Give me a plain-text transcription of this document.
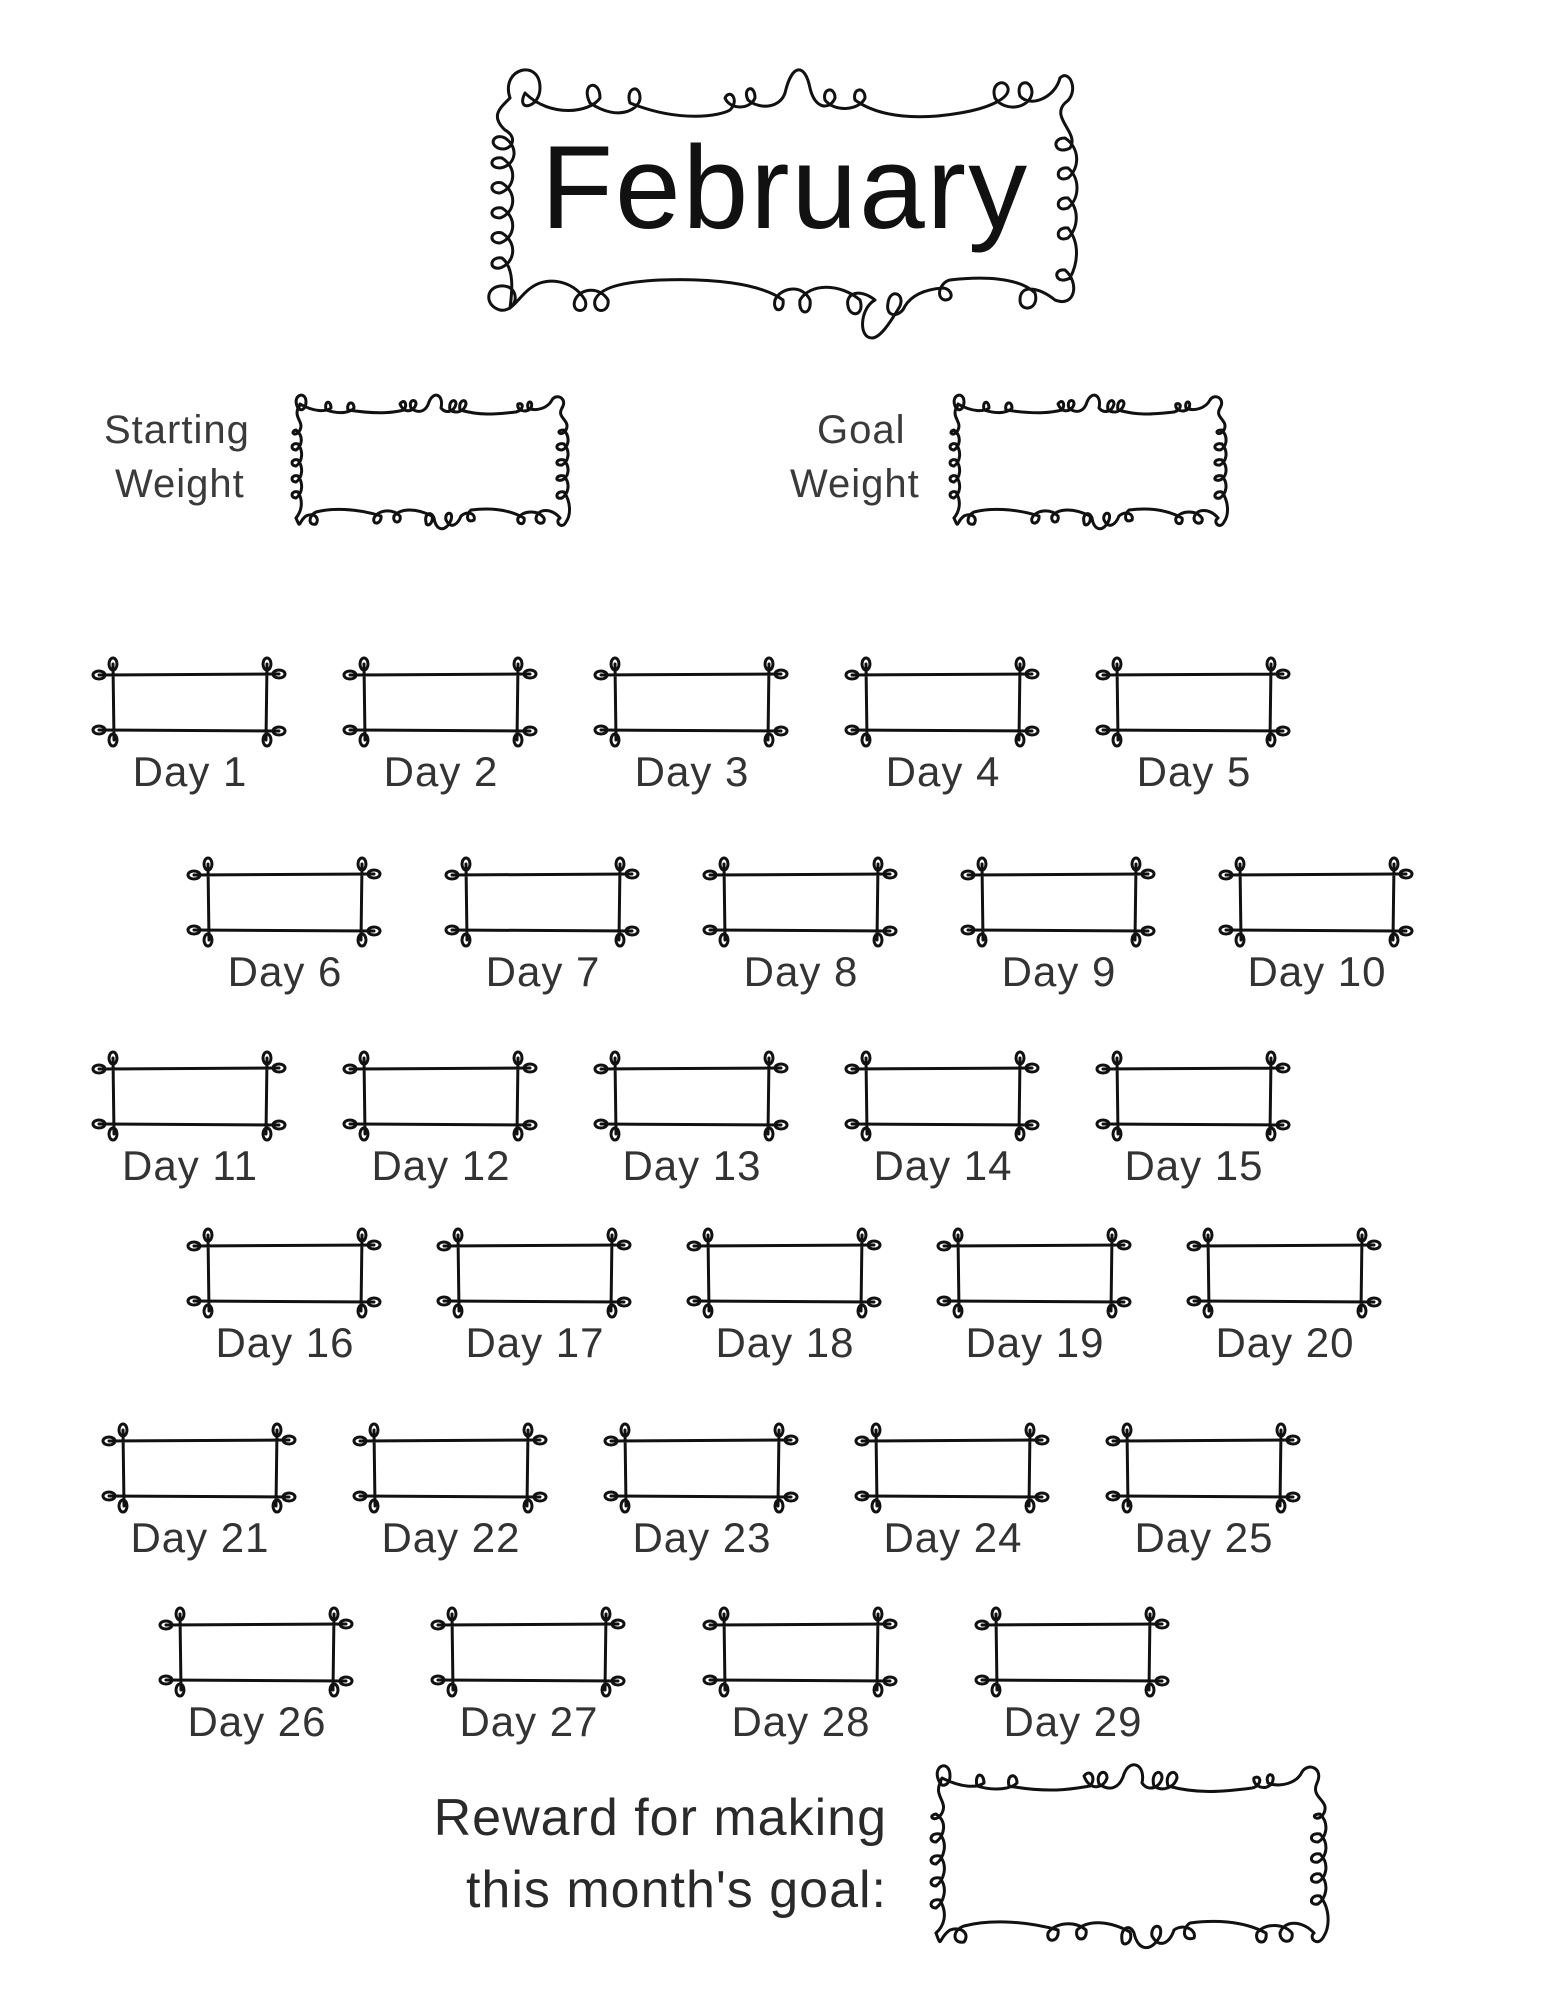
February
Starting
Weight
Goal
Weight
Day 1	Day 2	Day 3	Day 4	Day 5
Day 6	Day 7	Day 8	Day 9	Day 10
Day 11	Day 12	Day 13	Day 14	Day 15
Day 16	Day 17	Day 18	Day 19	Day 20
Day 21	Day 22	Day 23	Day 24	Day 25
Day 26	Day 27	Day 28	Day 29
Reward for making
this month's goal:
